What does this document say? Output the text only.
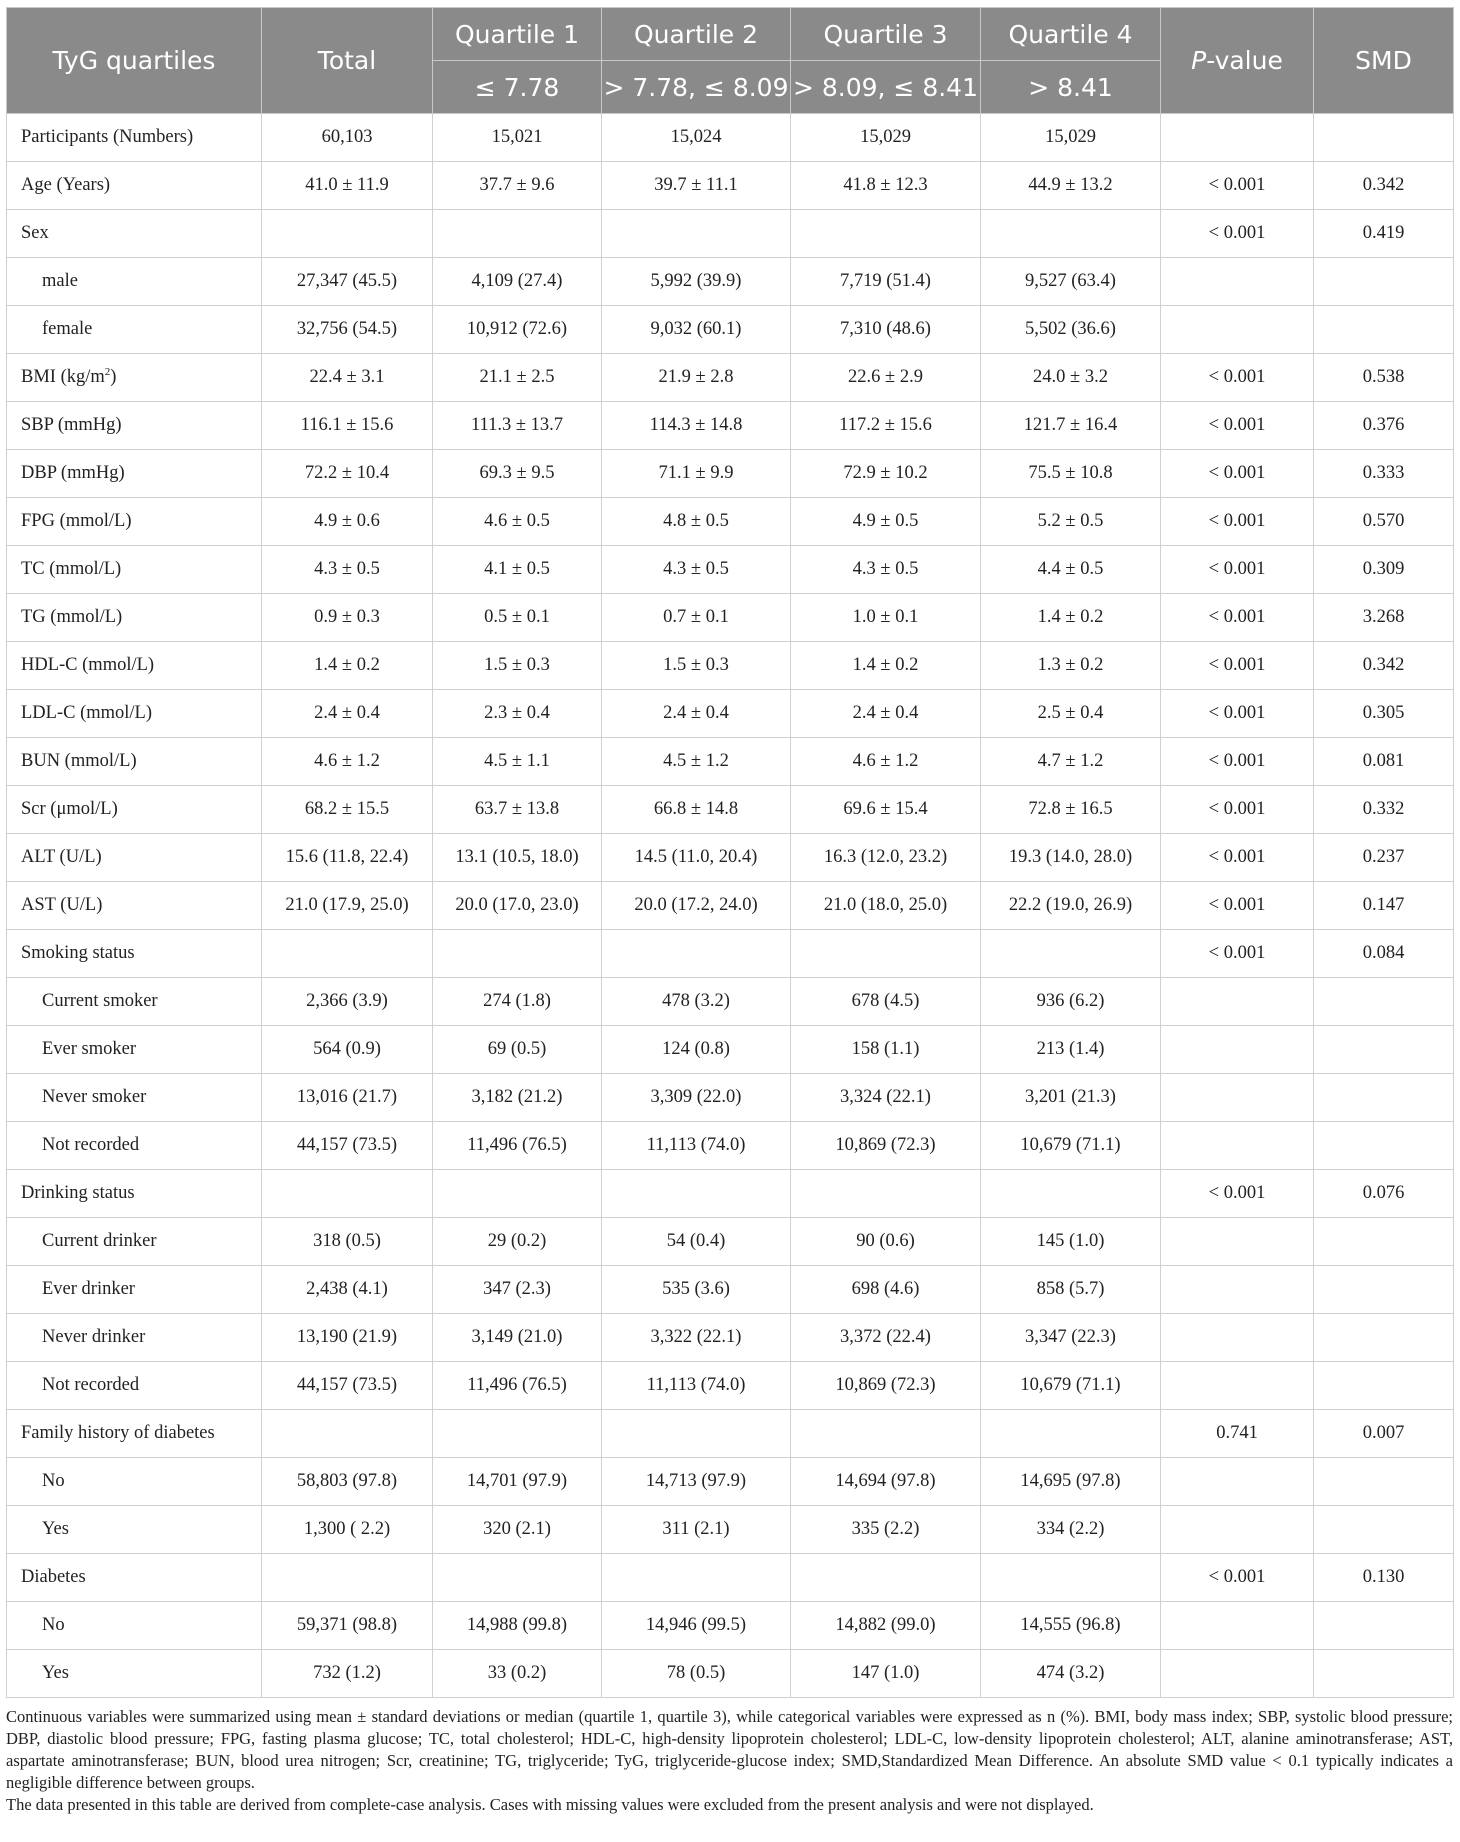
TyG quartiles	Total	Quartile 1	Quartile 2	Quartile 3	Quartile 4	P-value	SMD
		≤ 7.78	> 7.78, ≤ 8.09	> 8.09, ≤ 8.41	> 8.41		
Participants (Numbers)	60,103	15,021	15,024	15,029	15,029		
Age (Years)	41.0 ± 11.9	37.7 ± 9.6	39.7 ± 11.1	41.8 ± 12.3	44.9 ± 13.2	< 0.001	0.342
Sex						< 0.001	0.419
male	27,347 (45.5)	4,109 (27.4)	5,992 (39.9)	7,719 (51.4)	9,527 (63.4)		
female	32,756 (54.5)	10,912 (72.6)	9,032 (60.1)	7,310 (48.6)	5,502 (36.6)		
BMI $(kg/m^2)$	22.4 ± 3.1	21.1 ± 2.5	21.9 ± 2.8	22.6 ± 2.9	24.0 ± 3.2	< 0.001	0.538
SBP (mmHg)	116.1 ± 15.6	111.3 ± 13.7	114.3 ± 14.8	117.2 ± 15.6	121.7 ± 16.4	< 0.001	0.376
DBP (mmHg)	72.2 ± 10.4	69.3 ± 9.5	71.1 ± 9.9	72.9 ± 10.2	75.5 ± 10.8	< 0.001	0.333
FPG (mmol/L)	4.9 ± 0.6	4.6 ± 0.5	4.8 ± 0.5	4.9 ± 0.5	5.2 ± 0.5	< 0.001	0.570
TC (mmol/L)	4.3 ± 0.5	4.1 ± 0.5	4.3 ± 0.5	4.3 ± 0.5	4.4 ± 0.5	< 0.001	0.309
TG (mmol/L)	0.9 ± 0.3	0.5 ± 0.1	0.7 ± 0.1	1.0 ± 0.1	1.4 ± 0.2	< 0.001	3.268
HDL-C (mmol/L)	1.4 ± 0.2	1.5 ± 0.3	1.5 ± 0.3	1.4 ± 0.2	1.3 ± 0.2	< 0.001	0.342
LDL-C (mmol/L)	2.4 ± 0.4	2.3 ± 0.4	2.4 ± 0.4	2.4 ± 0.4	2.5 ± 0.4	< 0.001	0.305
BUN (mmol/L)	4.6 ± 1.2	4.5 ± 1.1	4.5 ± 1.2	4.6 ± 1.2	4.7 ± 1.2	< 0.001	0.081
Scr (μmol/L)	68.2 ± 15.5	63.7 ± 13.8	66.8 ± 14.8	69.6 ± 15.4	72.8 ± 16.5	< 0.001	0.332
ALT (U/L)	15.6 (11.8, 22.4)	13.1 (10.5, 18.0)	14.5 (11.0, 20.4)	16.3 (12.0, 23.2)	19.3 (14.0, 28.0)	< 0.001	0.237
AST (U/L)	21.0 (17.9, 25.0)	20.0 (17.0, 23.0)	20.0 (17.2, 24.0)	21.0 (18.0, 25.0)	22.2 (19.0, 26.9)	< 0.001	0.147
Smoking status						< 0.001	0.084
Current smoker	2,366 (3.9)	274 (1.8)	478 (3.2)	678 (4.5)	936 (6.2)		
Ever smoker	564 (0.9)	69 (0.5)	124 (0.8)	158 (1.1)	213 (1.4)		
Never smoker	13,016 (21.7)	3,182 (21.2)	3,309 (22.0)	3,324 (22.1)	3,201 (21.3)		
Not recorded	44,157 (73.5)	11,496 (76.5)	11,113 (74.0)	10,869 (72.3)	10,679 (71.1)		
Drinking status						< 0.001	0.076
Current drinker	318 (0.5)	29 (0.2)	54 (0.4)	90 (0.6)	145 (1.0)		
Ever drinker	2,438 (4.1)	347 (2.3)	535 (3.6)	698 (4.6)	858 (5.7)		
Never drinker	13,190 (21.9)	3,149 (21.0)	3,322 (22.1)	3,372 (22.4)	3,347 (22.3)		
Not recorded	44,157 (73.5)	11,496 (76.5)	11,113 (74.0)	10,869 (72.3)	10,679 (71.1)		
Family history of diabetes						0.741	0.007
No	58,803 (97.8)	14,701 (97.9)	14,713 (97.9)	14,694 (97.8)	14,695 (97.8)		
Yes	1,300 ( 2.2)	320 (2.1)	311 (2.1)	335 (2.2)	334 (2.2)		
Diabetes						< 0.001	0.130
No	59,371 (98.8)	14,988 (99.8)	14,946 (99.5)	14,882 (99.0)	14,555 (96.8)		
Yes	732 (1.2)	33 (0.2)	78 (0.5)	147 (1.0)	474 (3.2)		

Continuous variables were summarized using mean ± standard deviations or median (quartile 1, quartile 3), while categorical variables were expressed as n (%). BMI, body mass index; SBP, systolic blood pressure; DBP, diastolic blood pressure; FPG, fasting plasma glucose; TC, total cholesterol; HDL-C, high-density lipoprotein cholesterol; LDL-C, low-density lipoprotein cholesterol; ALT, alanine aminotransferase; AST, aspartate aminotransferase; BUN, blood urea nitrogen; Scr, creatinine; TG, triglyceride; TyG, triglyceride-glucose index; SMD,Standardized Mean Difference. An absolute SMD value < 0.1 typically indicates a negligible difference between groups.

The data presented in this table are derived from complete-case analysis. Cases with missing values were excluded from the present analysis and were not displayed.
